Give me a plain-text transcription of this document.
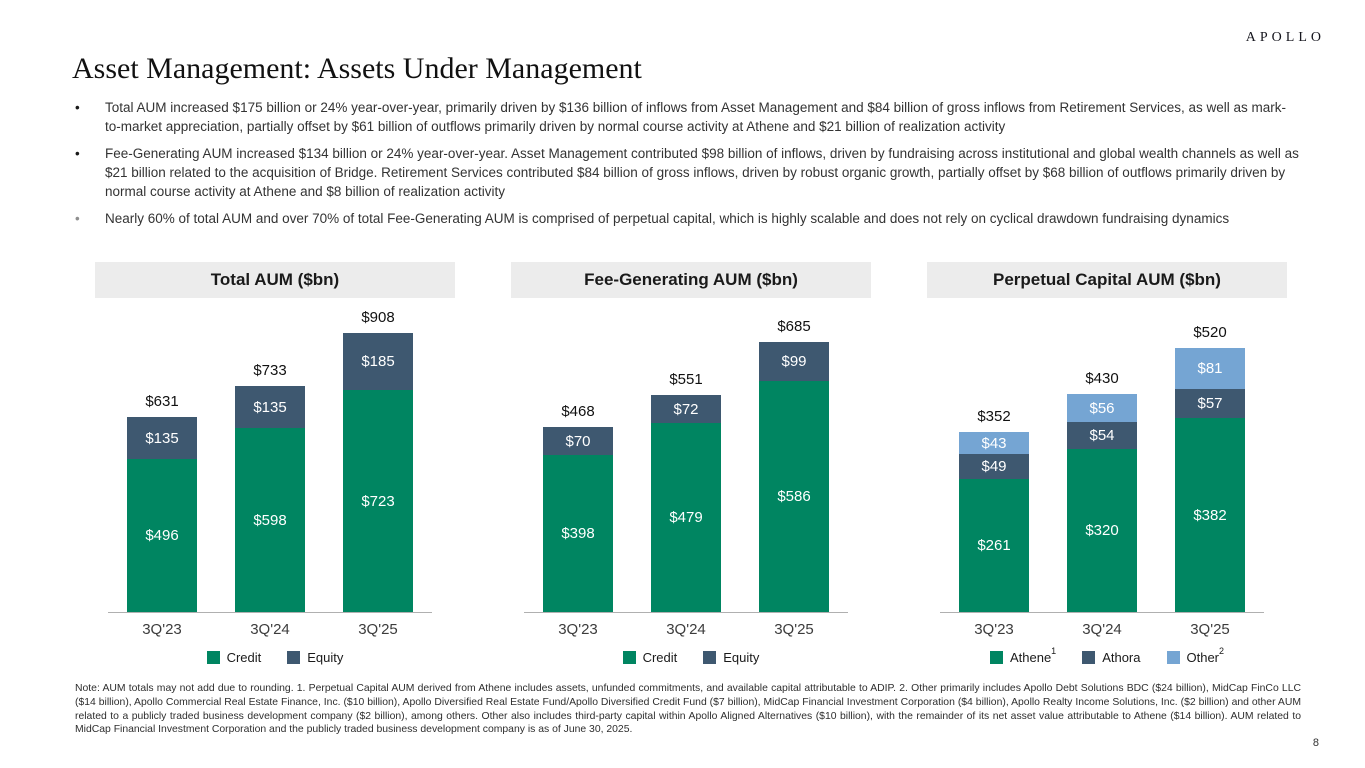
APOLLO
Asset Management: Assets Under Management
•	Total AUM increased $175 billion or 24% year-over-year, primarily driven by $136 billion of inflows from Asset Management and $84 billion of gross inflows from Retirement Services, as well as mark-to-market appreciation, partially offset by $61 billion of outflows primarily driven by normal course activity at Athene and $21 billion of realization activity
•	Fee-Generating AUM increased $134 billion or 24% year-over-year. Asset Management contributed $98 billion of inflows, driven by fundraising across institutional and global wealth channels as well as $21 billion related to the acquisition of Bridge. Retirement Services contributed $84 billion of gross inflows, driven by robust organic growth, partially offset by $68 billion of outflows primarily driven by normal course activity at Athene and $8 billion of realization activity
•	Nearly 60% of total AUM and over 70% of total Fee-Generating AUM is comprised of perpetual capital, which is highly scalable and does not rely on cyclical drawdown fundraising dynamics
Total AUM ($bn)
$631
$135
$496
$733
$135
$598
$908
$185
$723
3Q'23	3Q'24	3Q'25
Credit	Equity
Fee-Generating AUM ($bn)
$468
$70
$398
$551
$72
$479
$685
$99
$586
3Q'23	3Q'24	3Q'25
Credit	Equity
Perpetual Capital AUM ($bn)
$352
$43
$49
$261
$430
$56
$54
$320
$520
$81
$57
$382
3Q'23	3Q'24	3Q'25
Athene$^1$	Athora	Other$^2$
Note: AUM totals may not add due to rounding. 1. Perpetual Capital AUM derived from Athene includes assets, unfunded commitments, and available capital attributable to ADIP. 2. Other primarily includes Apollo Debt Solutions BDC ($24 billion), MidCap FinCo LLC ($14 billion), Apollo Commercial Real Estate Finance, Inc. ($10 billion), Apollo Diversified Real Estate Fund/Apollo Diversified Credit Fund ($7 billion), MidCap Financial Investment Corporation ($4 billion), Apollo Realty Income Solutions, Inc. ($2 billion) and other AUM related to a publicly traded business development company ($2 billion), among others. Other also includes third-party capital within Apollo Aligned Alternatives ($10 billion), with the remainder of its net asset value attributable to Athene ($14 billion). AUM related to MidCap Financial Investment Corporation and the publicly traded business development company is as of June 30, 2025.
8
